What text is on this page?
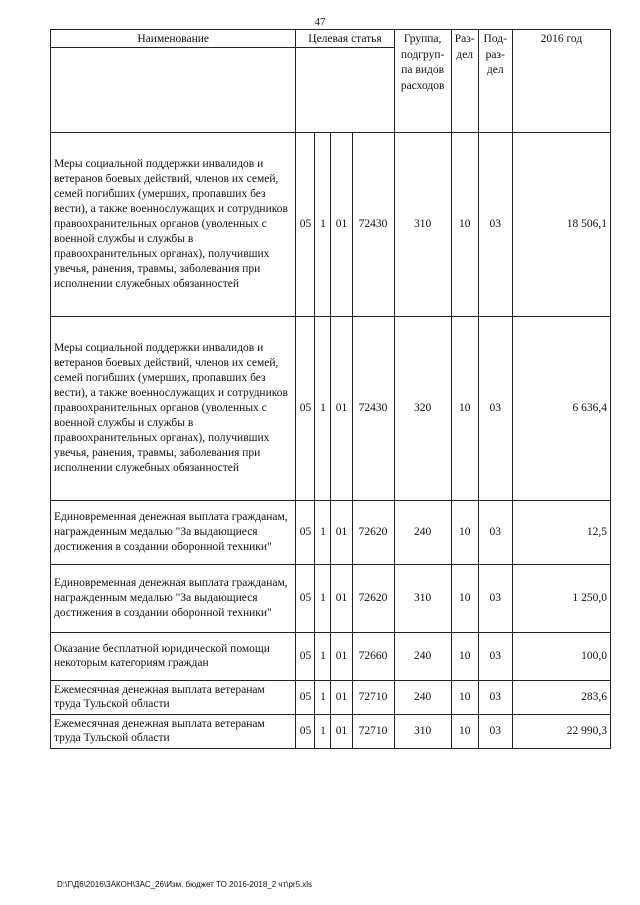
47
Наименование	Целевая статья				Группа, подгруп-па видов расходов	Раз-дел	Под-раз-дел	2016 год

Меры социальной поддержки инвалидов и ветеранов боевых действий, членов их семей, семей погибших (умерших, пропавших без вести), а также военнослужащих и сотрудников правоохранительных органов (уволенных с военной службы и службы в правоохранительных органах), получивших увечья, ранения, травмы, заболевания при исполнении служебных обязанностей	05	1	01	72430	310	10	03	18 506,1
Меры социальной поддержки инвалидов и ветеранов боевых действий, членов их семей, семей погибших (умерших, пропавших без вести), а также военнослужащих и сотрудников правоохранительных органов (уволенных с военной службы и службы в правоохранительных органах), получивших увечья, ранения, травмы, заболевания при исполнении служебных обязанностей	05	1	01	72430	320	10	03	6 636,4
Единовременная денежная выплата гражданам, награжденным медалью "За выдающиеся достижения в создании оборонной техники"	05	1	01	72620	240	10	03	12,5
Единовременная денежная выплата гражданам, награжденным медалью "За выдающиеся достижения в создании оборонной техники"	05	1	01	72620	310	10	03	1 250,0
Оказание бесплатной юридической помощи некоторым категориям граждан	05	1	01	72660	240	10	03	100,0
Ежемесячная денежная выплата ветеранам труда Тульской области	05	1	01	72710	240	10	03	283,6
Ежемесячная денежная выплата ветеранам труда Тульской области	05	1	01	72710	310	10	03	22 990,3
D:\Г\Д6\2016\ЗАКОН\ЗАС_26\Изм. бюджет ТО 2016-2018_2 чт\pr5.xls
